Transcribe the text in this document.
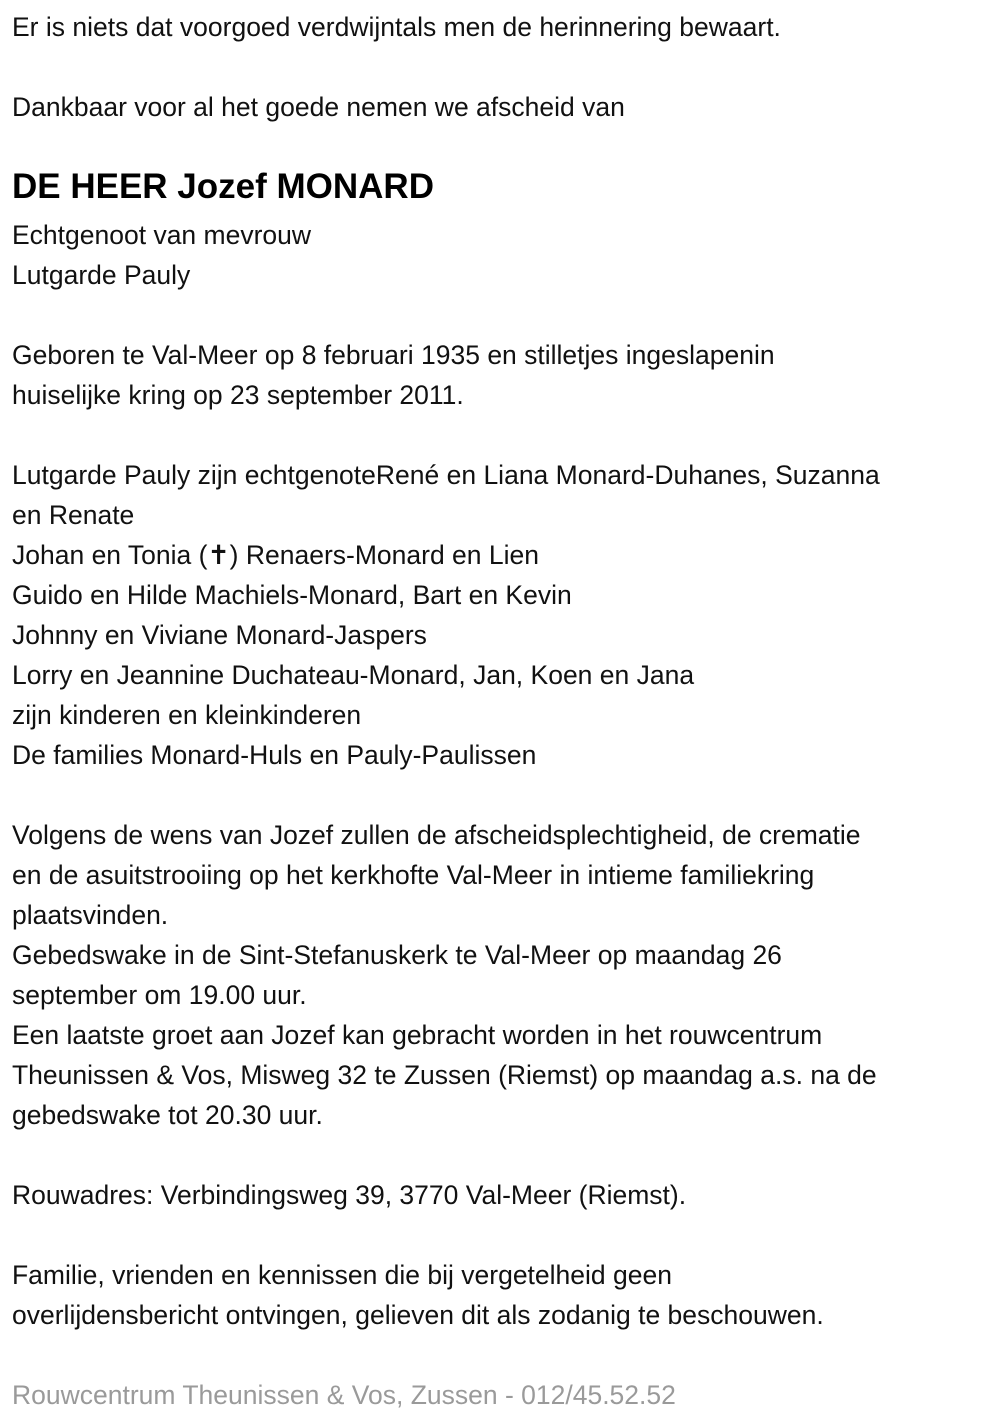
Er is niets dat voorgoed verdwijntals men de herinnering bewaart.
Dankbaar voor al het goede nemen we afscheid van
DE HEER Jozef MONARD
Echtgenoot van mevrouw
Lutgarde Pauly
Geboren te Val-Meer op 8 februari 1935 en stilletjes ingeslapenin
huiselijke kring op 23 september 2011.
Lutgarde Pauly zijn echtgenoteRené en Liana Monard-Duhanes, Suzanna
en Renate
Johan en Tonia (✝) Renaers-Monard en Lien
Guido en Hilde Machiels-Monard, Bart en Kevin
Johnny en Viviane Monard-Jaspers
Lorry en Jeannine Duchateau-Monard, Jan, Koen en Jana
zijn kinderen en kleinkinderen
De families Monard-Huls en Pauly-Paulissen
Volgens de wens van Jozef zullen de afscheidsplechtigheid, de crematie
en de asuitstrooiing op het kerkhofte Val-Meer in intieme familiekring
plaatsvinden.
Gebedswake in de Sint-Stefanuskerk te Val-Meer op maandag 26
september om 19.00 uur.
Een laatste groet aan Jozef kan gebracht worden in het rouwcentrum
Theunissen & Vos, Misweg 32 te Zussen (Riemst) op maandag a.s. na de
gebedswake tot 20.30 uur.
Rouwadres: Verbindingsweg 39, 3770 Val-Meer (Riemst).
Familie, vrienden en kennissen die bij vergetelheid geen
overlijdensbericht ontvingen, gelieven dit als zodanig te beschouwen.
Rouwcentrum Theunissen & Vos, Zussen - 012/45.52.52
